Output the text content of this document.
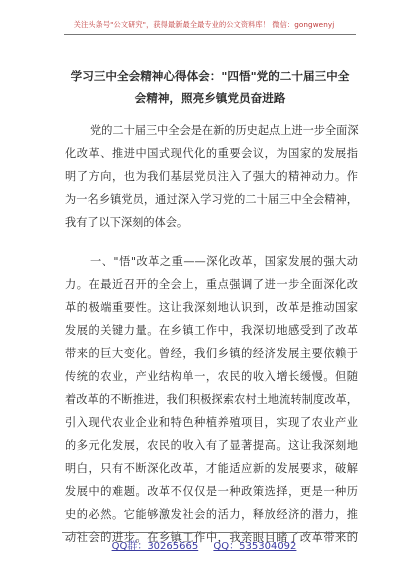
关注头条号"公文研究"，获得最新最全最专业的公文资料库！ 微信：gongwenyj
学习三中全会精神心得体会："四悟"党的二十届三中全
会精神，照亮乡镇党员奋进路
党的二十届三中全会是在新的历史起点上进一步全面深
化改革、推进中国式现代化的重要会议，为国家的发展指
明了方向，也为我们基层党员注入了强大的精神动力。作
为一名乡镇党员，通过深入学习党的二十届三中全会精神，
我有了以下深刻的体会。
一、"悟"改革之重——深化改革，国家发展的强大动
力。在最近召开的全会上，重点强调了进一步全面深化改
革的极端重要性。这让我深刻地认识到，改革是推动国家
发展的关键力量。在乡镇工作中，我深切地感受到了改革
带来的巨大变化。曾经，我们乡镇的经济发展主要依赖于
传统的农业，产业结构单一，农民的收入增长缓慢。但随
着改革的不断推进，我们积极探索农村土地流转制度改革，
引入现代农业企业和特色种植养殖项目，实现了农业产业
的多元化发展，农民的收入有了显著提高。这让我深刻地
明白，只有不断深化改革，才能适应新的发展要求，破解
发展中的难题。改革不仅仅是一种政策选择，更是一种历
史的必然。它能够激发社会的活力，释放经济的潜力，推
动社会的进步。在乡镇工作中，我亲眼目睹了改革带来的
QQ群：30265665 QQ：535304092
